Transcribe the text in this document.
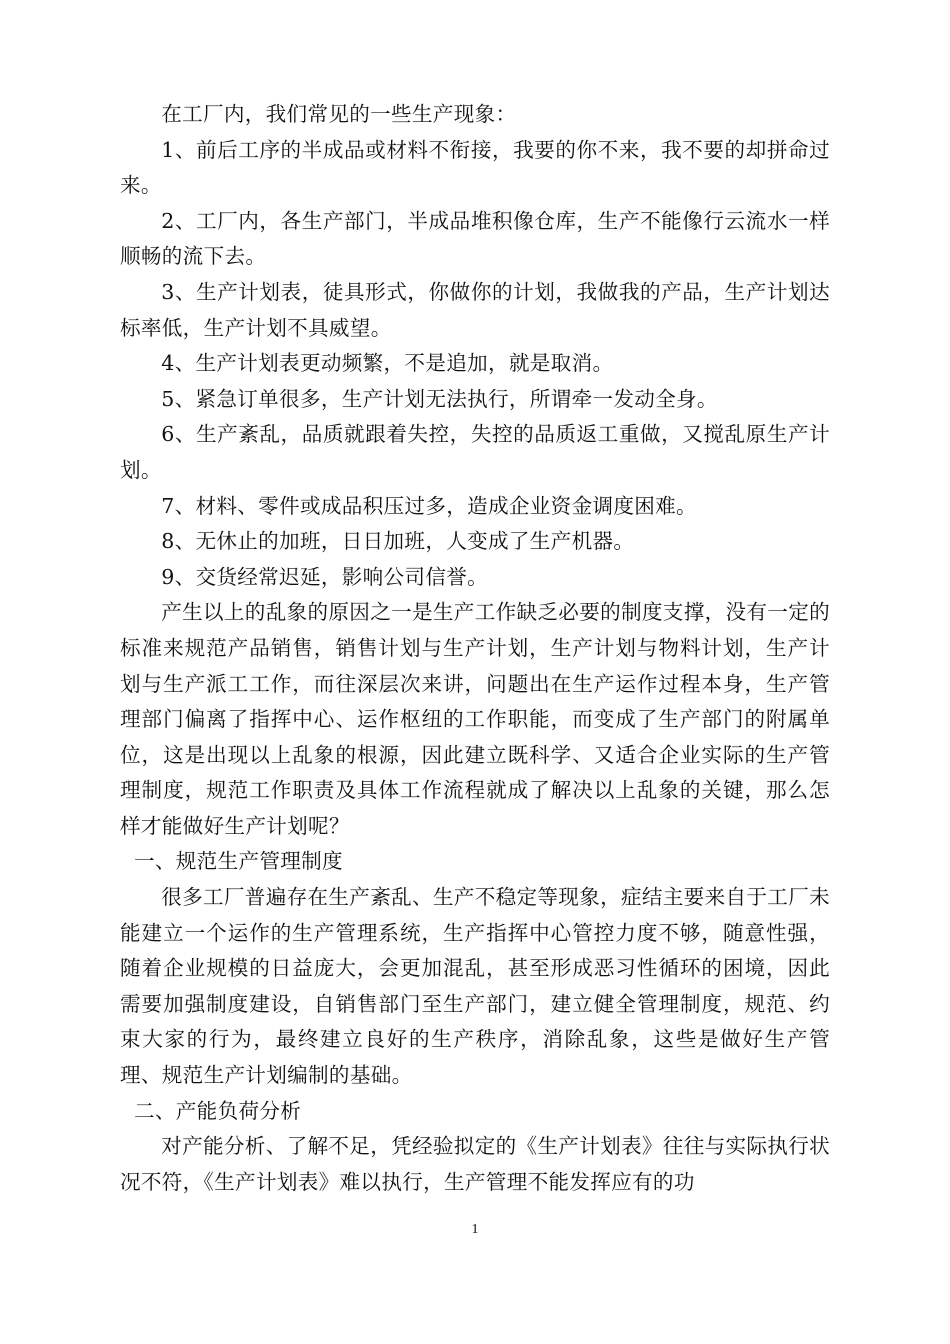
在工厂内，我们常见的一些生产现象：

1、前后工序的半成品或材料不衔接，我要的你不来，我不要的却拼命过来。

2、工厂内，各生产部门，半成品堆积像仓库，生产不能像行云流水一样顺畅的流下去。

3、生产计划表，徒具形式，你做你的计划，我做我的产品，生产计划达标率低，生产计划不具威望。

4、生产计划表更动频繁，不是追加，就是取消。

5、紧急订单很多，生产计划无法执行，所谓牵一发动全身。

6、生产紊乱，品质就跟着失控，失控的品质返工重做，又搅乱原生产计划。

7、材料、零件或成品积压过多，造成企业资金调度困难。

8、无休止的加班，日日加班，人变成了生产机器。

9、交货经常迟延，影响公司信誉。

产生以上的乱象的原因之一是生产工作缺乏必要的制度支撑，没有一定的标准来规范产品销售，销售计划与生产计划，生产计划与物料计划，生产计划与生产派工工作，而往深层次来讲，问题出在生产运作过程本身，生产管理部门偏离了指挥中心、运作枢纽的工作职能，而变成了生产部门的附属单位，这是出现以上乱象的根源，因此建立既科学、又适合企业实际的生产管理制度，规范工作职责及具体工作流程就成了解决以上乱象的关键，那么怎样才能做好生产计划呢？

一、规范生产管理制度

很多工厂普遍存在生产紊乱、生产不稳定等现象，症结主要来自于工厂未能建立一个运作的生产管理系统，生产指挥中心管控力度不够，随意性强，随着企业规模的日益庞大，会更加混乱，甚至形成恶习性循环的困境，因此需要加强制度建设，自销售部门至生产部门，建立健全管理制度，规范、约束大家的行为，最终建立良好的生产秩序，消除乱象，这些是做好生产管理、规范生产计划编制的基础。

二、产能负荷分析

对产能分析、了解不足，凭经验拟定的《生产计划表》往往与实际执行状况不符，《生产计划表》难以执行，生产管理不能发挥应有的功

1
